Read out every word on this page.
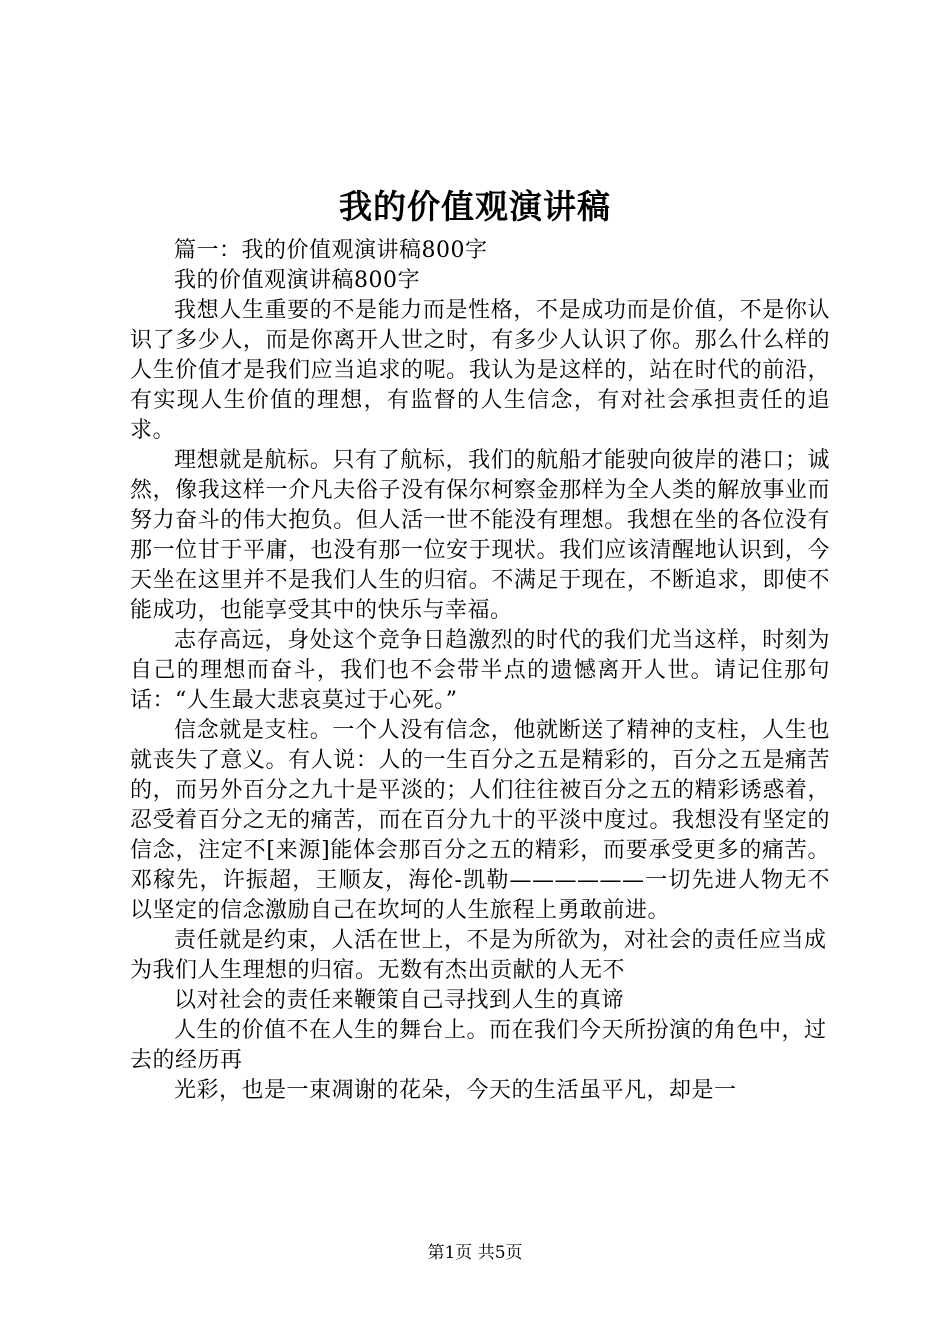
我的价值观演讲稿

篇一：我的价值观演讲稿800字

我的价值观演讲稿800字

我想人生重要的不是能力而是性格，不是成功而是价值，不是你认识了多少人，而是你离开人世之时，有多少人认识了你。那么什么样的人生价值才是我们应当追求的呢。我认为是这样的，站在时代的前沿，有实现人生价值的理想，有监督的人生信念，有对社会承担责任的追求。

理想就是航标。只有了航标，我们的航船才能驶向彼岸的港口；诚然，像我这样一介凡夫俗子没有保尔柯察金那样为全人类的解放事业而努力奋斗的伟大抱负。但人活一世不能没有理想。我想在坐的各位没有那一位甘于平庸，也没有那一位安于现状。我们应该清醒地认识到，今天坐在这里并不是我们人生的归宿。不满足于现在，不断追求，即使不能成功，也能享受其中的快乐与幸福。

志存高远，身处这个竞争日趋激烈的时代的我们尤当这样，时刻为自己的理想而奋斗，我们也不会带半点的遗憾离开人世。请记住那句话：“人生最大悲哀莫过于心死。”

信念就是支柱。一个人没有信念，他就断送了精神的支柱，人生也就丧失了意义。有人说：人的一生百分之五是精彩的，百分之五是痛苦的，而另外百分之九十是平淡的；人们往往被百分之五的精彩诱惑着，忍受着百分之无的痛苦，而在百分九十的平淡中度过。我想没有坚定的信念，注定不[来源]能体会那百分之五的精彩，而要承受更多的痛苦。邓稼先，许振超，王顺友，海伦-凯勒——————一切先进人物无不以坚定的信念激励自己在坎坷的人生旅程上勇敢前进。

责任就是约束，人活在世上，不是为所欲为，对社会的责任应当成为我们人生理想的归宿。无数有杰出贡献的人无不

以对社会的责任来鞭策自己寻找到人生的真谛

人生的价值不在人生的舞台上。而在我们今天所扮演的角色中，过去的经历再

光彩，也是一束凋谢的花朵，今天的生活虽平凡，却是一

第1页 共5页
